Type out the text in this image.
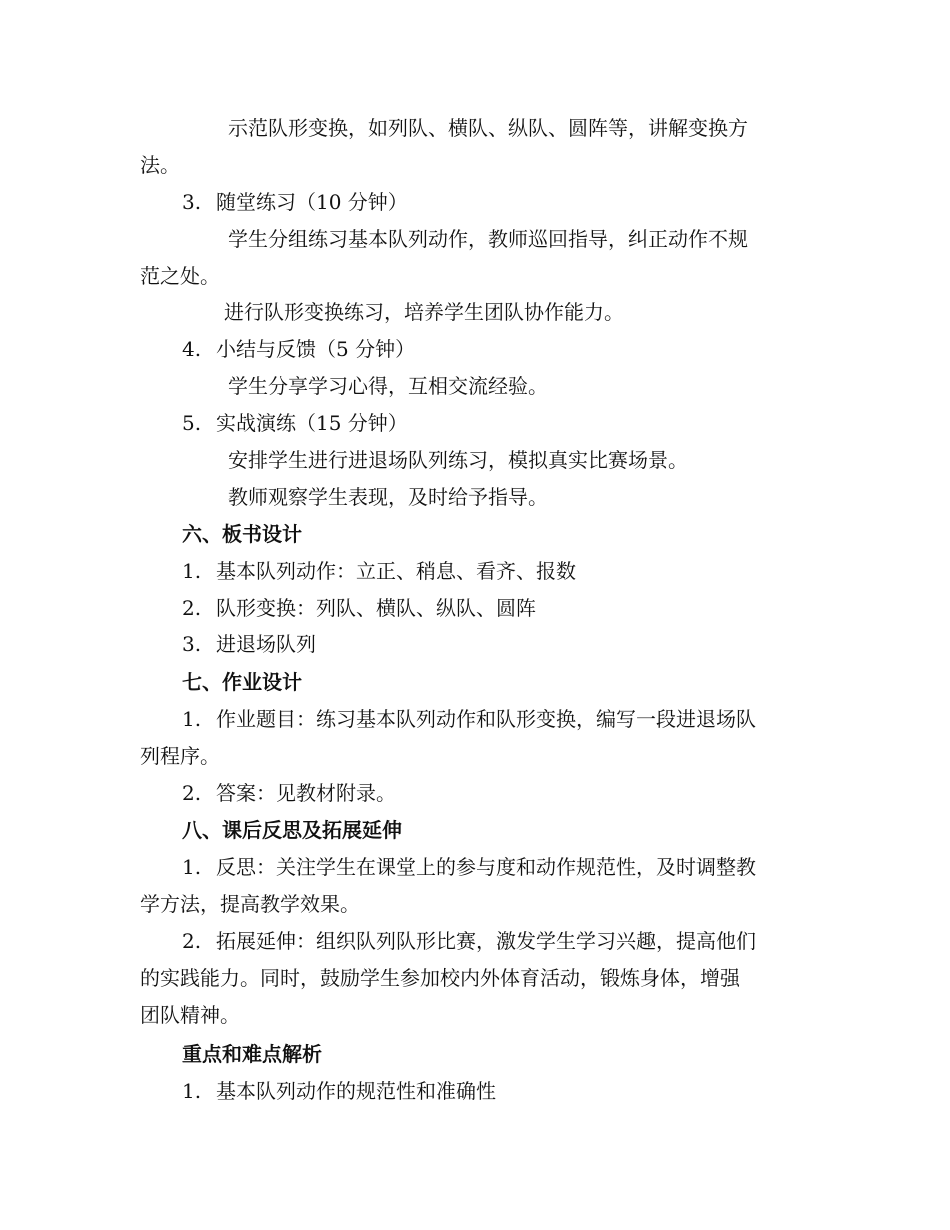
示范队形变换，如列队、横队、纵队、圆阵等，讲解变换方
法。
3. 随堂练习（10 分钟）
学生分组练习基本队列动作，教师巡回指导，纠正动作不规
范之处。
进行队形变换练习，培养学生团队协作能力。
4. 小结与反馈（5 分钟）
学生分享学习心得，互相交流经验。
5. 实战演练（15 分钟）
安排学生进行进退场队列练习，模拟真实比赛场景。
教师观察学生表现，及时给予指导。
六、板书设计
1. 基本队列动作：立正、稍息、看齐、报数
2. 队形变换：列队、横队、纵队、圆阵
3. 进退场队列
七、作业设计
1. 作业题目：练习基本队列动作和队形变换，编写一段进退场队
列程序。
2. 答案：见教材附录。
八、课后反思及拓展延伸
1. 反思：关注学生在课堂上的参与度和动作规范性，及时调整教
学方法，提高教学效果。
2. 拓展延伸：组织队列队形比赛，激发学生学习兴趣，提高他们
的实践能力。同时，鼓励学生参加校内外体育活动，锻炼身体，增强
团队精神。
重点和难点解析
1. 基本队列动作的规范性和准确性
